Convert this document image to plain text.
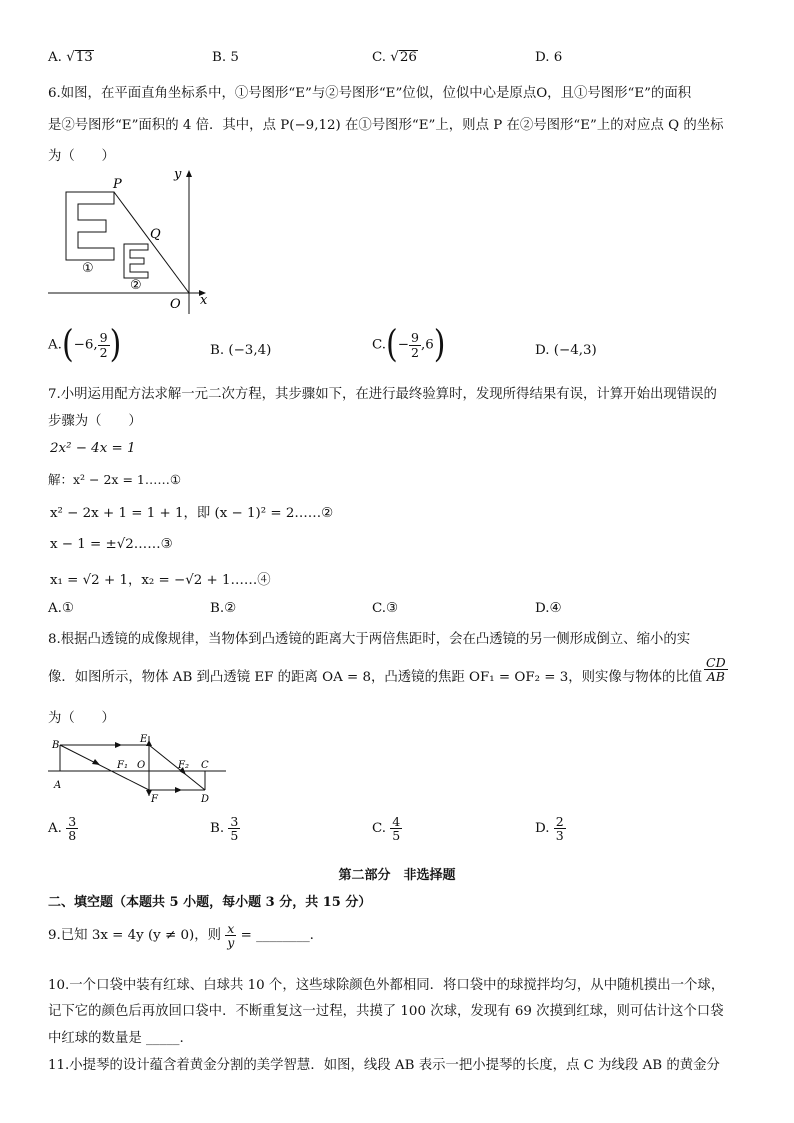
A. √13	B. 5	C. √26	D. 6
6.如图，在平面直角坐标系中，①号图形“E”与②号图形“E”位似，位似中心是原点O，且①号图形“E”的面积
是②号图形“E”面积的 4 倍．其中，点 P(−9,12) 在①号图形“E”上，则点 P 在②号图形“E”上的对应点 Q 的坐标
为（　　）
P
Q
y
x
O
①
②
A.(−6, $\frac{9}{2}$ )	B. (−3,4)	$C.(- \frac{9}{2} ,6)$	D. (−4,3)
7.小明运用配方法求解一元二次方程，其步骤如下，在进行最终验算时，发现所得结果有误，计算开始出现错误的
步骤为（　　）
2x² − 4x = 1
解：x² − 2x = 1……①
x² − 2x + 1 = 1 + 1，即 (x − 1)² = 2……②
x − 1 = ±√2……③
x₁ = √2 + 1，x₂ = −√2 + 1……④
A.①	B.②	C.③	D.④
8.根据凸透镜的成像规律，当物体到凸透镜的距离大于两倍焦距时，会在凸透镜的另一侧形成倒立、缩小的实
像．如图所示，物体 AB 到凸透镜 EF 的距离 OA = 8，凸透镜的焦距 OF₁ = OF₂ = 3，则实像与物体的比值 $\frac{CD}{AB}$
为（　　）
B
A
E
F
F₁ O	F₂ C
D
A. $\frac{3}{8}$	B. $\frac{3}{5}$	C. $\frac{4}{5}$	D. $\frac{2}{3}$
第二部分　非选择题
二、填空题（本题共 5 小题，每小题 3 分，共 15 分）
9.已知 3x = 4y (y ≠ 0)，则 $\frac{x}{y}$ = ________.
10.一个口袋中装有红球、白球共 10 个，这些球除颜色外都相同．将口袋中的球搅拌均匀，从中随机摸出一个球，
记下它的颜色后再放回口袋中．不断重复这一过程，共摸了 100 次球，发现有 69 次摸到红球，则可估计这个口袋
中红球的数量是 _____.
11.小提琴的设计蕴含着黄金分割的美学智慧．如图，线段 AB 表示一把小提琴的长度，点 C 为线段 AB 的黄金分
